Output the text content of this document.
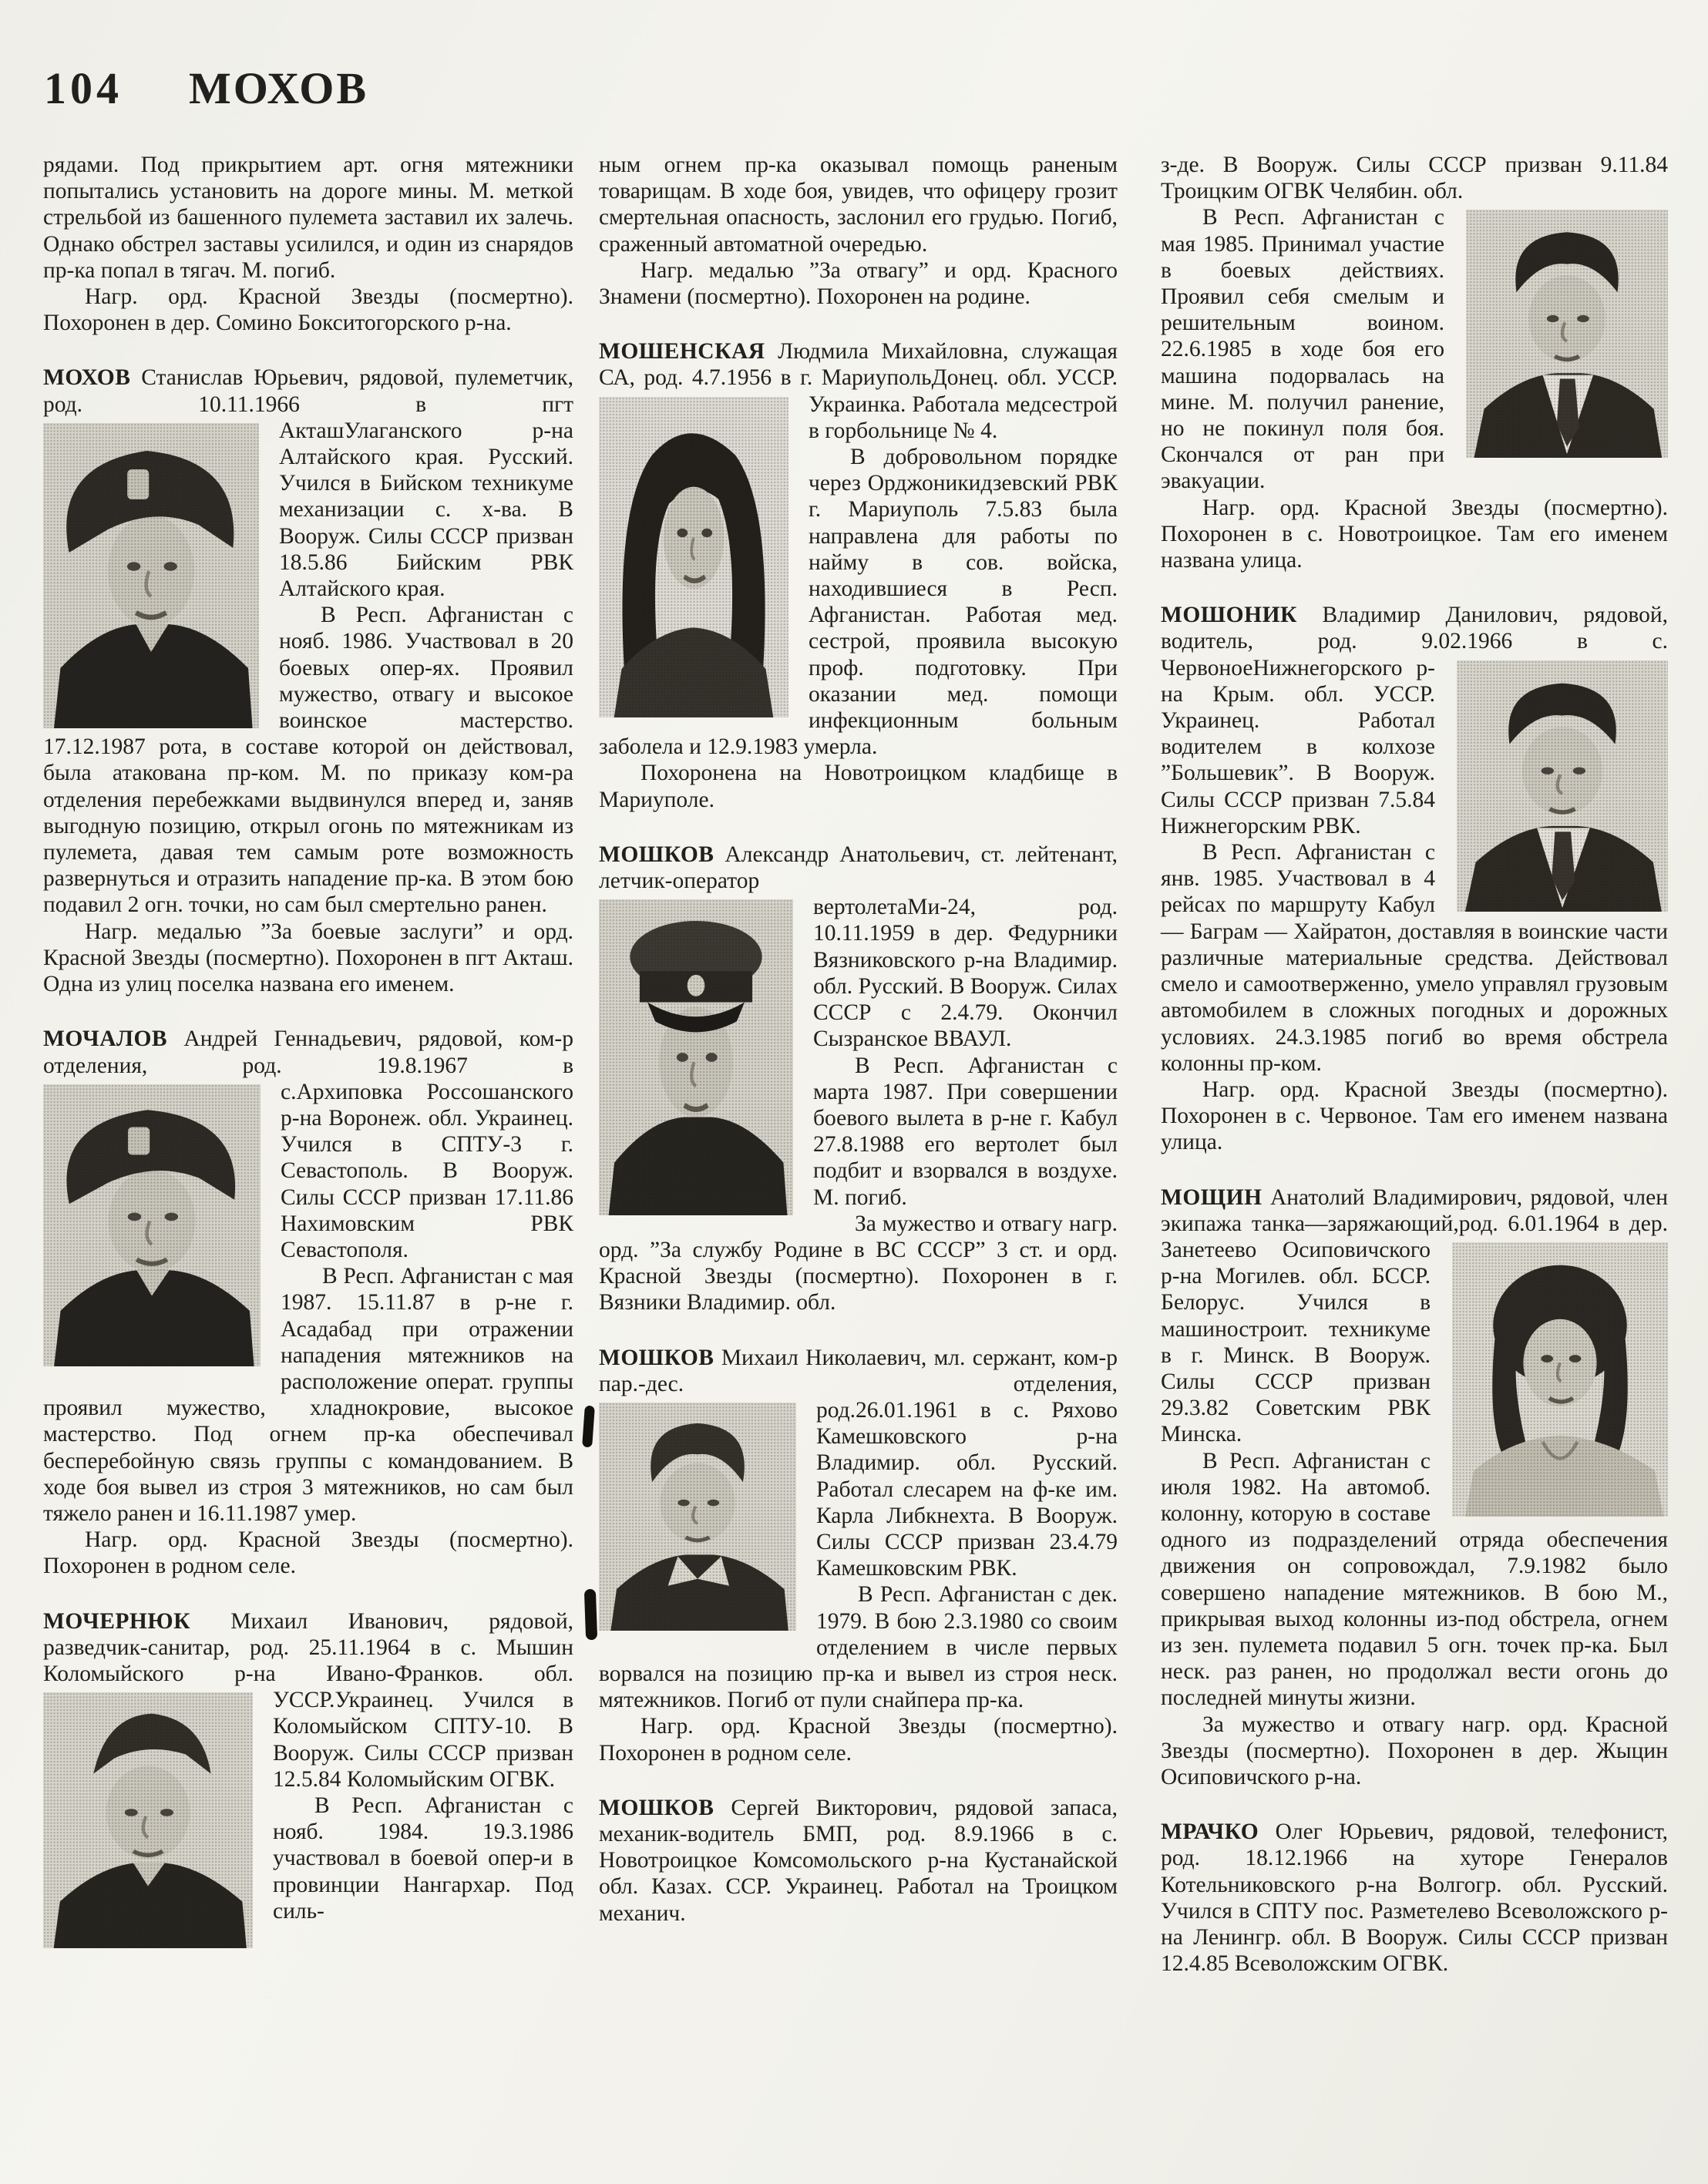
104 МОХОВ

рядами. Под прикрытием арт. огня мятежники попытались установить на дороге мины. М. меткой стрельбой из башенного пулемета заставил их залечь. Однако обстрел заставы усилился, и один из снарядов пр-ка попал в тягач. М. погиб.

Нагр. орд. Красной Звезды (посмертно). Похоронен в дер. Сомино Бокситогорского р-на.

МОХОВ Станислав Юрьевич, рядовой, пулеметчик, род. 10.11.1966 в пгт Акташ
Улаганского р-на Алтайского края. Русский. Учился в Бийском техникуме механизации с. х-ва. В Вооруж. Силы СССР призван 18.5.86 Бийским РВК Алтайского края.

В Респ. Афганистан с нояб. 1986. Участвовал в 20 боевых опер-ях. Проявил мужество, отвагу и высокое воинское мастерство. 17.12.1987 рота, в составе которой он действовал, была атакована пр-ком. М. по приказу ком-ра отделения перебежками выдвинулся вперед и, заняв выгодную позицию, открыл огонь по мятежникам из пулемета, давая тем самым роте возможность развернуться и отразить нападение пр-ка. В этом бою подавил 2 огн. точки, но сам был смертельно ранен.

Нагр. медалью ”За боевые заслуги” и орд. Красной Звезды (посмертно). Похоронен в пгт Акташ. Одна из улиц поселка названа его именем.

МОЧАЛОВ Андрей Геннадьевич, рядовой, ком-р отделения, род. 19.8.1967 в с.
Архиповка Россошанского р-на Воронеж. обл. Украинец. Учился в СПТУ-3 г. Севастополь. В Вооруж. Силы СССР призван 17.11.86 Нахимовским РВК Севастополя.

В Респ. Афганистан с мая 1987. 15.11.87 в р-не г. Асадабад при отражении нападения мятежников на расположение операт. группы проявил мужество, хладнокровие, высокое мастерство. Под огнем пр-ка обеспечивал бесперебойную связь группы с командованием. В ходе боя вывел из строя 3 мятежников, но сам был тяжело ранен и 16.11.1987 умер.

Нагр. орд. Красной Звезды (посмертно). Похоронен в родном селе.

МОЧЕРНЮК Михаил Иванович, рядовой, разведчик-санитар, род. 25.11.1964 в с. Мышин Коломыйского р-на Ивано-Франков. обл. УССР.
Украинец. Учился в Коломыйском СПТУ-10. В Вооруж. Силы СССР призван 12.5.84 Коломыйским ОГВК.

В Респ. Афганистан с нояб. 1984. 19.3.1986 участвовал в боевой опер-и в провинции Нангархар. Под силь-

ным огнем пр-ка оказывал помощь раненым товарищам. В ходе боя, увидев, что офицеру грозит смертельная опасность, заслонил его грудью. Погиб, сраженный автоматной очередью.

Нагр. медалью ”За отвагу” и орд. Красного Знамени (посмертно). Похоронен на родине.

МОШЕНСКАЯ Людмила Михайловна, служащая СА, род. 4.7.1956 в г. Мариуполь
Донец. обл. УССР. Украинка. Работала медсестрой в горбольнице № 4.

В добровольном порядке через Орджоникидзевский РВК г. Мариуполь 7.5.83 была направлена для работы по найму в сов. войска, находившиеся в Респ. Афганистан. Работая мед. сестрой, проявила высокую проф. подготовку. При оказании мед. помощи инфекционным больным заболела и 12.9.1983 умерла.

Похоронена на Новотроицком кладбище в Мариуполе.

МОШКОВ Александр Анатольевич, ст. лейтенант, летчик-оператор вертолета
Ми-24, род. 10.11.1959 в дер. Федурники Вязниковского р-на Владимир. обл. Русский. В Вооруж. Силах СССР с 2.4.79. Окончил Сызранское ВВАУЛ.

В Респ. Афганистан с марта 1987. При совершении боевого вылета в р-не г. Кабул 27.8.1988 его вертолет был подбит и взорвался в воздухе. М. погиб.

За мужество и отвагу нагр. орд. ”За службу Родине в ВС СССР” 3 ст. и орд. Красной Звезды (посмертно). Похоронен в г. Вязники Владимир. обл.

МОШКОВ Михаил Николаевич, мл. сержант, ком-р пар.-дес. отделения, род.
26.01.1961 в с. Ряхово Камешковского р-на Владимир. обл. Русский. Работал слесарем на ф-ке им. Карла Либкнехта. В Вооруж. Силы СССР призван 23.4.79 Камешковским РВК.

В Респ. Афганистан с дек. 1979. В бою 2.3.1980 со своим отделением в числе первых ворвался на позицию пр-ка и вывел из строя неск. мятежников. Погиб от пули снайпера пр-ка.

Нагр. орд. Красной Звезды (посмертно). Похоронен в родном селе.

МОШКОВ Сергей Викторович, рядовой запаса, механик-водитель БМП, род. 8.9.1966 в с. Новотроицкое Комсомольского р-на Кустанайской обл. Казах. ССР. Украинец. Работал на Троицком механич.

з-де. В Вооруж. Силы СССР призван 9.11.84 Троицким ОГВК Челябин. обл.

В Респ. Афганистан с мая 1985. Принимал участие в боевых действиях. Проявил себя смелым и решительным воином. 22.6.1985 в ходе боя его машина подорвалась на мине. М. получил ранение, но не покинул поля боя. Скончался от ран при эвакуации.

Нагр. орд. Красной Звезды (посмертно). Похоронен в с. Новотроицкое. Там его именем названа улица.

МОШОНИК Владимир Данилович, рядовой, водитель, род. 9.02.1966 в с. Червоное
Нижнегорского р-на Крым. обл. УССР. Украинец. Работал водителем в колхозе ”Большевик”. В Вооруж. Силы СССР призван 7.5.84 Нижнегорским РВК.

В Респ. Афганистан с янв. 1985. Участвовал в 4 рейсах по маршруту Кабул — Баграм — Хайратон, доставляя в воинские части различные материальные средства. Действовал смело и самоотверженно, умело управлял грузовым автомобилем в сложных погодных и дорожных условиях. 24.3.1985 погиб во время обстрела колонны пр-ком.

Нагр. орд. Красной Звезды (посмертно). Похоронен в с. Червоное. Там его именем названа улица.

МОЩИН Анатолий Владимирович, рядовой, член экипажа танка—заряжающий,
род. 6.01.1964 в дер. Занетеево Осиповичского р-на Могилев. обл. БССР. Белорус. Учился в машиностроит. техникуме в г. Минск. В Вооруж. Силы СССР призван 29.3.82 Советским РВК Минска.

В Респ. Афганистан с июля 1982. На автомоб. колонну, которую в составе одного из подразделений отряда обеспечения движения он сопровождал, 7.9.1982 было совершено нападение мятежников. В бою М., прикрывая выход колонны из-под обстрела, огнем из зен. пулемета подавил 5 огн. точек пр-ка. Был неск. раз ранен, но продолжал вести огонь до последней минуты жизни.

За мужество и отвагу нагр. орд. Красной Звезды (посмертно). Похоронен в дер. Жыцин Осиповичского р-на.

МРАЧКО Олег Юрьевич, рядовой, телефонист, род. 18.12.1966 на хуторе Генералов Котельниковского р-на Волгогр. обл. Русский. Учился в СПТУ пос. Разметелево Всеволожского р-на Ленингр. обл. В Вооруж. Силы СССР призван 12.4.85 Всеволожским ОГВК.
